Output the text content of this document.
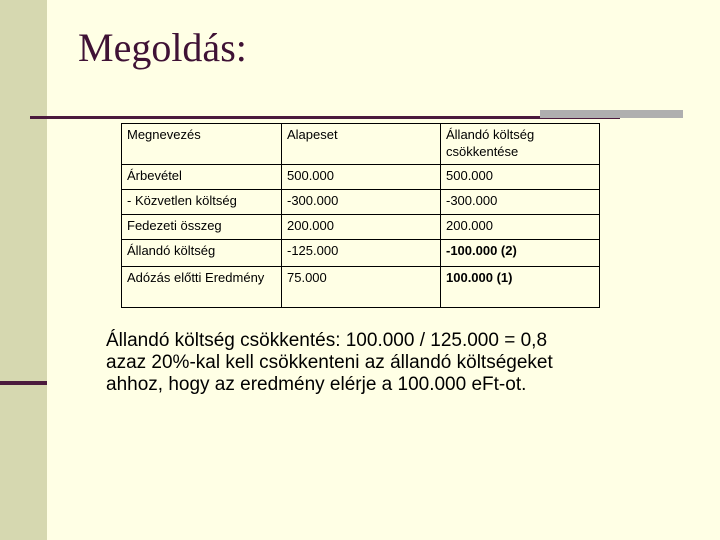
Megoldás:
Megnevezés	Alapeset	Állandó költség csökkentése
Árbevétel	500.000	500.000
- Közvetlen költség	-300.000	-300.000
Fedezeti összeg	200.000	200.000
Állandó költség	-125.000	-100.000 (2)
Adózás előtti Eredmény	75.000	100.000 (1)
Állandó költség csökkentés: 100.000 / 125.000 = 0,8
azaz 20%-kal kell csökkenteni az állandó költségeket
ahhoz, hogy az eredmény elérje a 100.000 eFt-ot.
